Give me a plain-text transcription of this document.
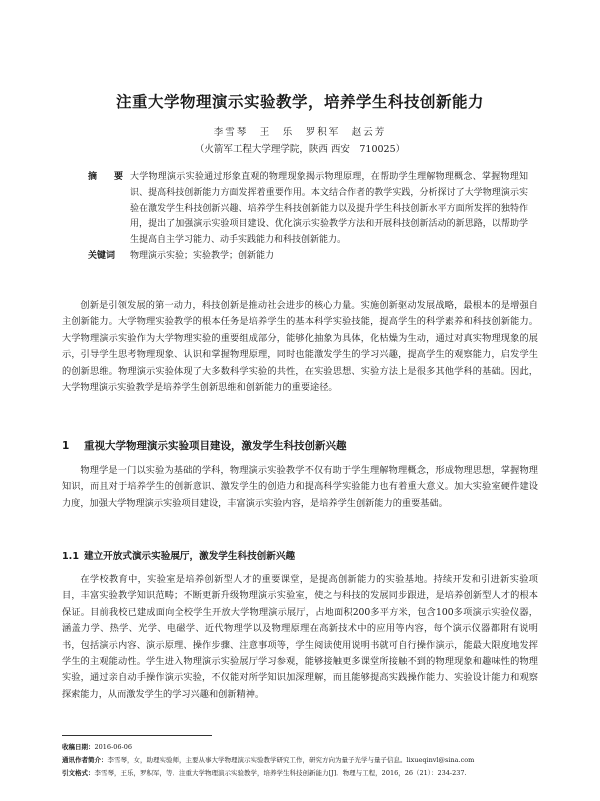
注重大学物理演示实验教学，培养学生科技创新能力
李雪琴　王　乐　罗积军　赵云芳
（火箭军工程大学理学院，陕西 西安　710025）
摘　要 大学物理演示实验通过形象直观的物理现象揭示物理原理，在帮助学生理解物理概念、掌握物理知识、提高科技创新能力方面发挥着重要作用。本文结合作者的教学实践，分析探讨了大学物理演示实验在激发学生科技创新兴趣、培养学生科技创新能力以及提升学生科技创新水平方面所发挥的独特作用，提出了加强演示实验项目建设、优化演示实验教学方法和开展科技创新活动的新思路，以帮助学生提高自主学习能力、动手实践能力和科技创新能力。
关键词 物理演示实验；实验教学；创新能力
创新是引领发展的第一动力，科技创新是推动社会进步的核心力量。实施创新驱动发展战略，最根本的是增强自主创新能力。大学物理实验教学的根本任务是培养学生的基本科学实验技能，提高学生的科学素养和科技创新能力。大学物理演示实验作为大学物理实验的重要组成部分，能够化抽象为具体，化枯燥为生动，通过对真实物理现象的展示，引导学生思考物理现象、认识和掌握物理原理，同时也能激发学生的学习兴趣，提高学生的观察能力，启发学生的创新思维。物理演示实验体现了大多数科学实验的共性，在实验思想、实验方法上是很多其他学科的基础。因此，大学物理演示实验教学是培养学生创新思维和创新能力的重要途径。
1 重视大学物理演示实验项目建设，激发学生科技创新兴趣
物理学是一门以实验为基础的学科，物理演示实验教学不仅有助于学生理解物理概念，形成物理思想，掌握物理知识，而且对于培养学生的创新意识、激发学生的创造力和提高科学实验能力也有着重大意义。加大实验室硬件建设力度，加强大学物理演示实验项目建设，丰富演示实验内容，是培养学生创新能力的重要基础。
1.1 建立开放式演示实验展厅，激发学生科技创新兴趣
在学校教育中，实验室是培养创新型人才的重要课堂，是提高创新能力的实验基地。持续开发和引进新实验项目，丰富实验教学知识范畴；不断更新升级物理演示实验室，使之与科技的发展同步跟进，是培养创新型人才的根本保证。目前我校已建成面向全校学生开放大学物理演示展厅，占地面积200多平方米，包含100多项演示实验仪器，涵盖力学、热学、光学、电磁学、近代物理学以及物理原理在高新技术中的应用等内容，每个演示仪器都附有说明书，包括演示内容、演示原理、操作步骤、注意事项等，学生阅读使用说明书就可自行操作演示，能最大限度地发挥学生的主观能动性。学生进入物理演示实验展厅学习参观，能够接触更多课堂所接触不到的物理现象和趣味性的物理实验，通过亲自动手操作演示实验，不仅能对所学知识加深理解，而且能够提高实践操作能力、实验设计能力和观察探索能力，从而激发学生的学习兴趣和创新精神。
收稿日期：2016-06-06
通讯作者简介：李雪琴，女，助理实验师，主要从事大学物理演示实验教学研究工作，研究方向为量子光学与量子信息。lixueqinvl@sina.com
引文格式：李雪琴，王乐，罗积军，等．注重大学物理演示实验教学，培养学生科技创新能力[J]．物理与工程，2016，26（21）：234-237.
